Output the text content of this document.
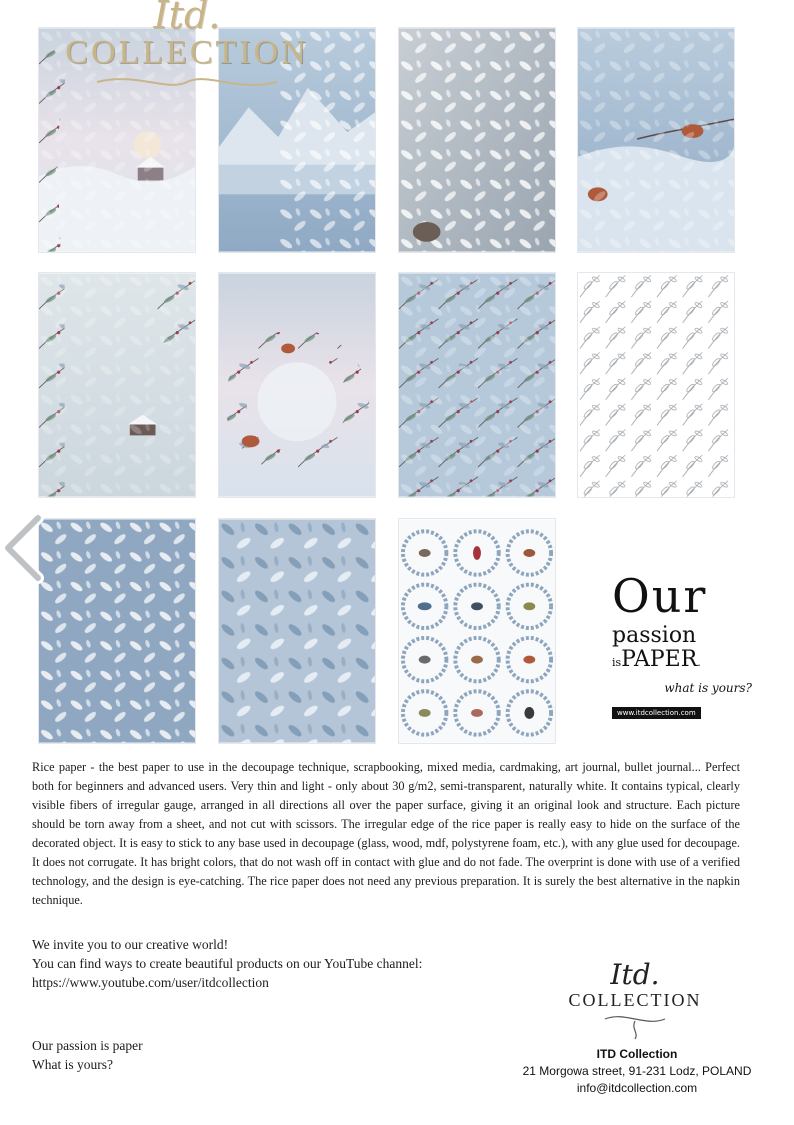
Itd.
COLLECTION
Our
passion
isPAPER.
what is yours?
www.itdcollection.com
Rice paper - the best paper to use in the decoupage technique, scrapbooking, mixed media, cardmaking, art journal, bullet journal... Perfect both for beginners and advanced users. Very thin and light - only about 30 g/m2, semi-transparent, naturally white. It contains typical, clearly visible fibers of irregular gauge, arranged in all directions all over the paper surface, giving it an original look and structure. Each picture should be torn away from a sheet, and not cut with scissors. The irregular edge of the rice paper is really easy to hide on the surface of the decorated object. It is easy to stick to any base used in decoupage (glass, wood, mdf, polystyrene foam, etc.), with any glue used for decoupage. It does not corrugate. It has bright colors, that do not wash off in contact with glue and do not fade. The overprint is done with use of a verified technology, and the design is eye-catching. The rice paper does not need any previous preparation. It is surely the best alternative in the napkin technique.
We invite you to our creative world!
You can find ways to create beautiful products on our YouTube channel:
https://www.youtube.com/user/itdcollection
Our passion is paper
What is yours?
Itd.
COLLECTION
ITD Collection
21 Morgowa street, 91-231 Lodz, POLAND
info@itdcollection.com
